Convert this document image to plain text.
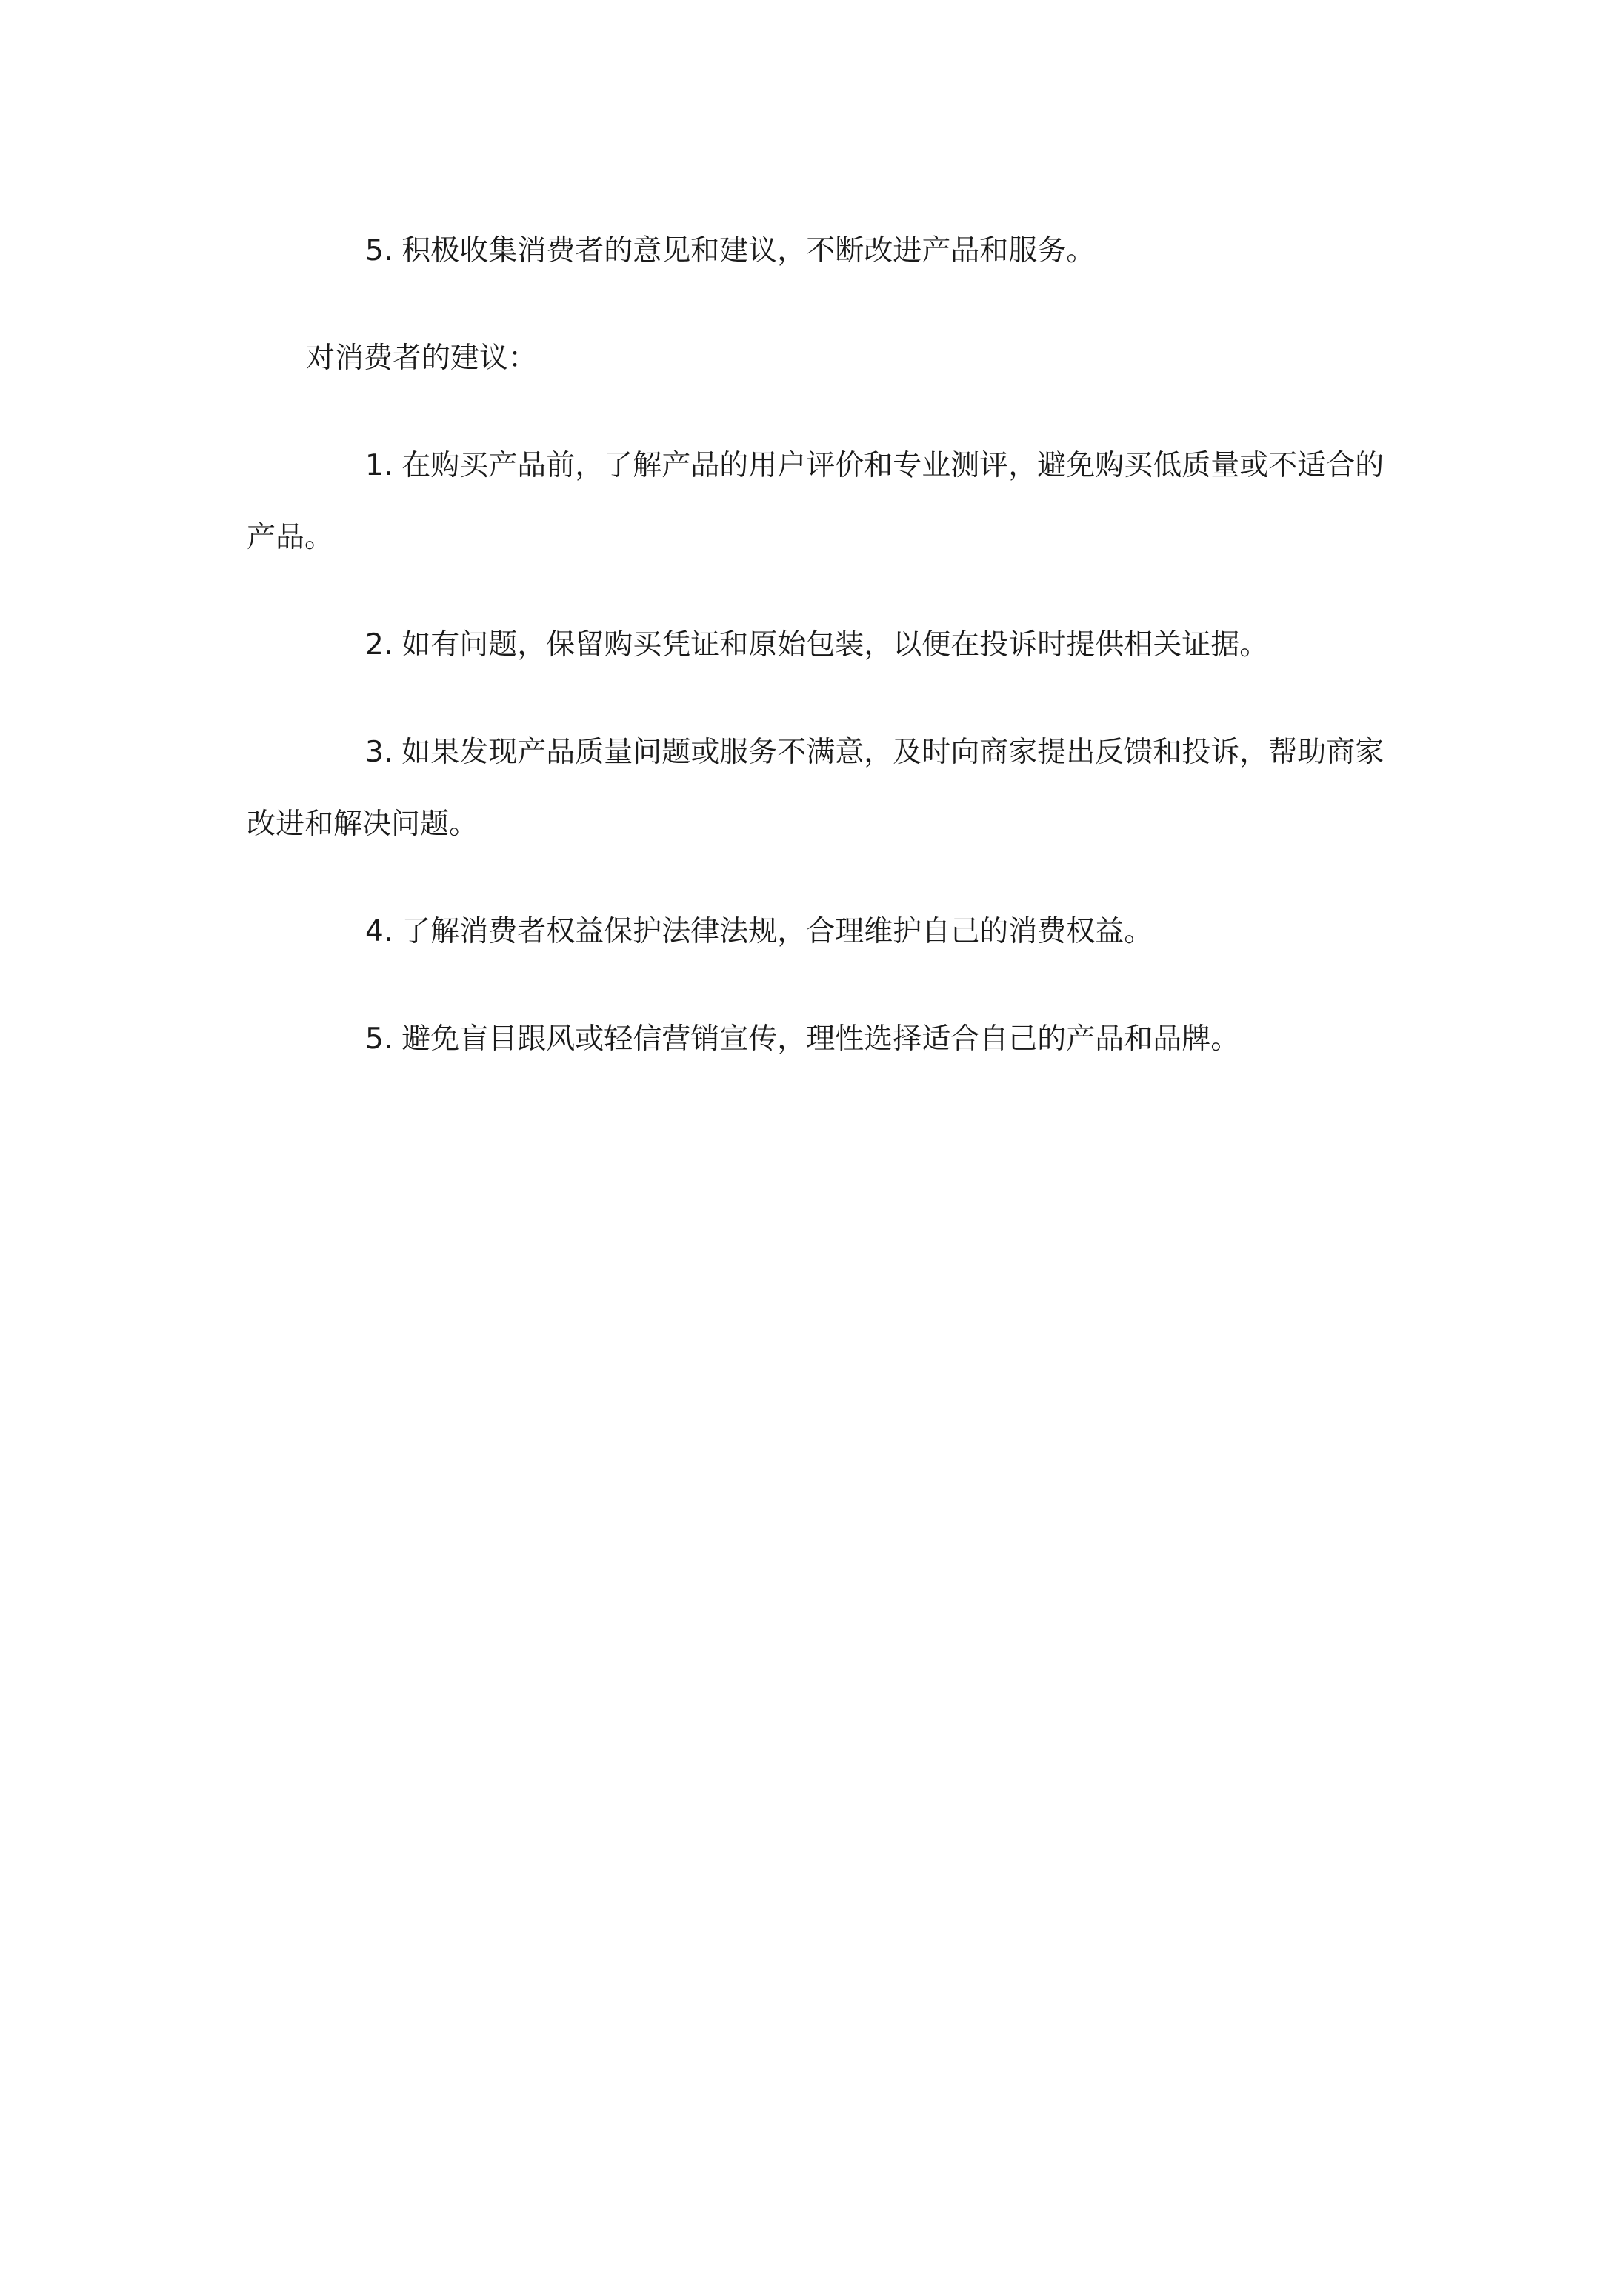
5. 积极收集消费者的意见和建议，不断改进产品和服务。

对消费者的建议：

1. 在购买产品前，了解产品的用户评价和专业测评，避免购买低质量或不适合的产品。

2. 如有问题，保留购买凭证和原始包装，以便在投诉时提供相关证据。

3. 如果发现产品质量问题或服务不满意，及时向商家提出反馈和投诉，帮助商家改进和解决问题。

4. 了解消费者权益保护法律法规，合理维护自己的消费权益。

5. 避免盲目跟风或轻信营销宣传，理性选择适合自己的产品和品牌。
